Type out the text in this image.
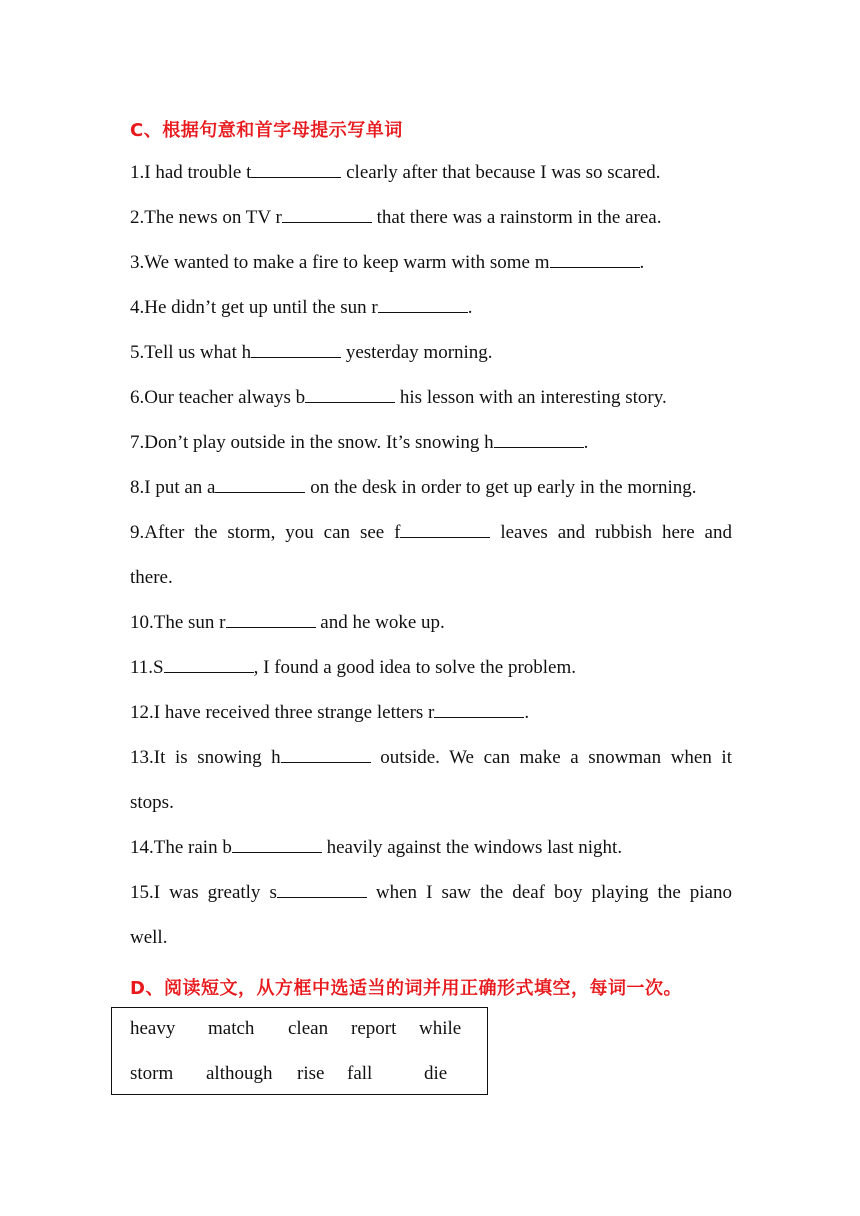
C、根据句意和首字母提示写单词
1.I had trouble t	clearly after that because I was so scared.
2.The news on TV r	that there was a rainstorm in the area.
3.We wanted to make a fire to keep warm with some m	.
4.He didn’t get up until the sun r	.
5.Tell us what h	yesterday morning.
6.Our teacher always b	his lesson with an interesting story.
7.Don’t play outside in the snow. It’s snowing h	.
8.I put an a	on the desk in order to get up early in the morning.
9.After the storm, you can see f	leaves and rubbish here and
there.
10.The sun r	and he woke up.
11.S	, I found a good idea to solve the problem.
12.I have received three strange letters r	.
13.It is snowing h	outside. We can make a snowman when it
stops.
14.The rain b	heavily against the windows last night.
15.I was greatly s	when I saw the deaf boy playing the piano
well.
D、阅读短文，从方框中选适当的词并用正确形式填空，每词一次。
heavy match clean report while
storm although rise fall	die
